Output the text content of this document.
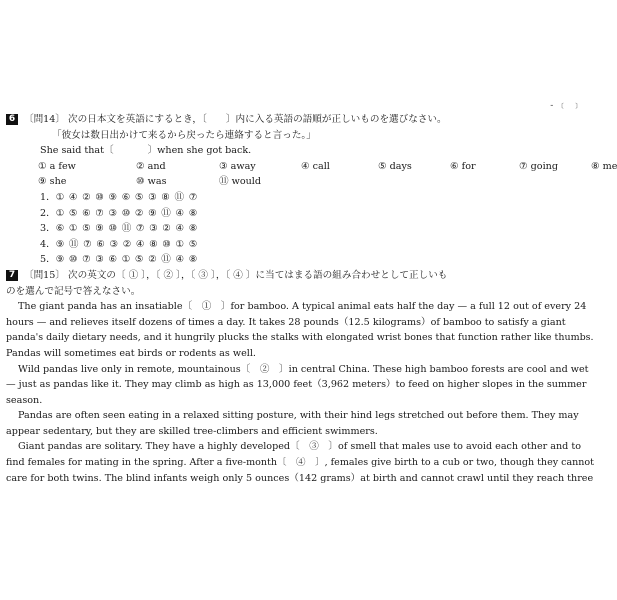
- ﹝ ﹞
6 〔問14〕 次の日本文を英語にするとき，〔　　〕内に入る英語の語順が正しいものを選びなさい。
「彼女は数日出かけて来るから戻ったら連絡すると言った。」
She said that〔	〕when she got back.
① a few	② and	③ away	④ call	⑤ days	⑥ for	⑦ going	⑧ me
⑨ she	⑩ was	⑪ would
1．①④②⑩⑨⑥⑤③⑧⑪⑦
2．①⑤⑥⑦③⑩②⑨⑪④⑧
3．⑥①⑤⑨⑩⑪⑦③②④⑧
4．⑨⑪⑦⑥③②④⑧⑩①⑤
5．⑨⑩⑦③⑥①⑤②⑪④⑧
7 〔問15〕 次の英文の〔 ① 〕，〔 ② 〕，〔 ③ 〕，〔 ④ 〕に当てはまる語の組み合わせとして正しいも
のを選んで記号で答えなさい。
The giant panda has an insatiable〔　①　〕for bamboo. A typical animal eats half the day — a full 12 out of every 24
hours — and relieves itself dozens of times a day. It takes 28 pounds（12.5 kilograms）of bamboo to satisfy a giant
panda's daily dietary needs, and it hungrily plucks the stalks with elongated wrist bones that function rather like thumbs.
Pandas will sometimes eat birds or rodents as well.
Wild pandas live only in remote, mountainous〔　②　〕in central China. These high bamboo forests are cool and wet
— just as pandas like it. They may climb as high as 13,000 feet（3,962 meters）to feed on higher slopes in the summer
season.
Pandas are often seen eating in a relaxed sitting posture, with their hind legs stretched out before them. They may
appear sedentary, but they are skilled tree-climbers and efficient swimmers.
Giant pandas are solitary. They have a highly developed〔　③　〕of smell that males use to avoid each other and to
find females for mating in the spring. After a five-month〔　④　〕, females give birth to a cub or two, though they cannot
care for both twins. The blind infants weigh only 5 ounces（142 grams）at birth and cannot crawl until they reach three
